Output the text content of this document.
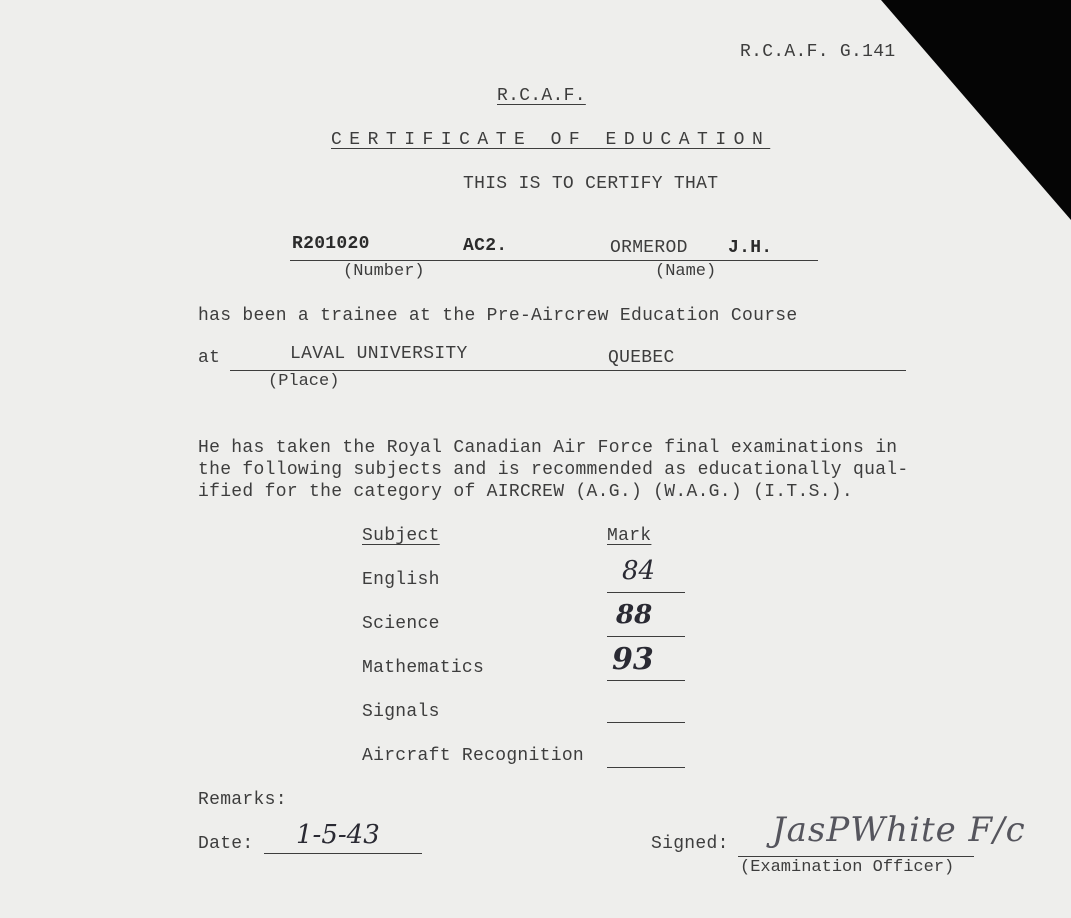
R.C.A.F. G.141
R.C.A.F.
CERTIFICATE OF EDUCATION
THIS IS TO CERTIFY THAT
R201020	AC2.	ORMEROD J.H.
(Number)	(Name)
has been a trainee at the Pre-Aircrew Education Course
at	LAVAL UNIVERSITY	QUEBEC
(Place)
He has taken the Royal Canadian Air Force final examinations in
the following subjects and is recommended as educationally qual-
ified for the category of AIRCREW (A.G.) (W.A.G.) (I.T.S.).
Subject	Mark
English	84
Science	88
Mathematics	93
Signals
Aircraft Recognition
Remarks:
Date: 1-5-43	Signed: JasPWhite F/c
(Examination Officer)
